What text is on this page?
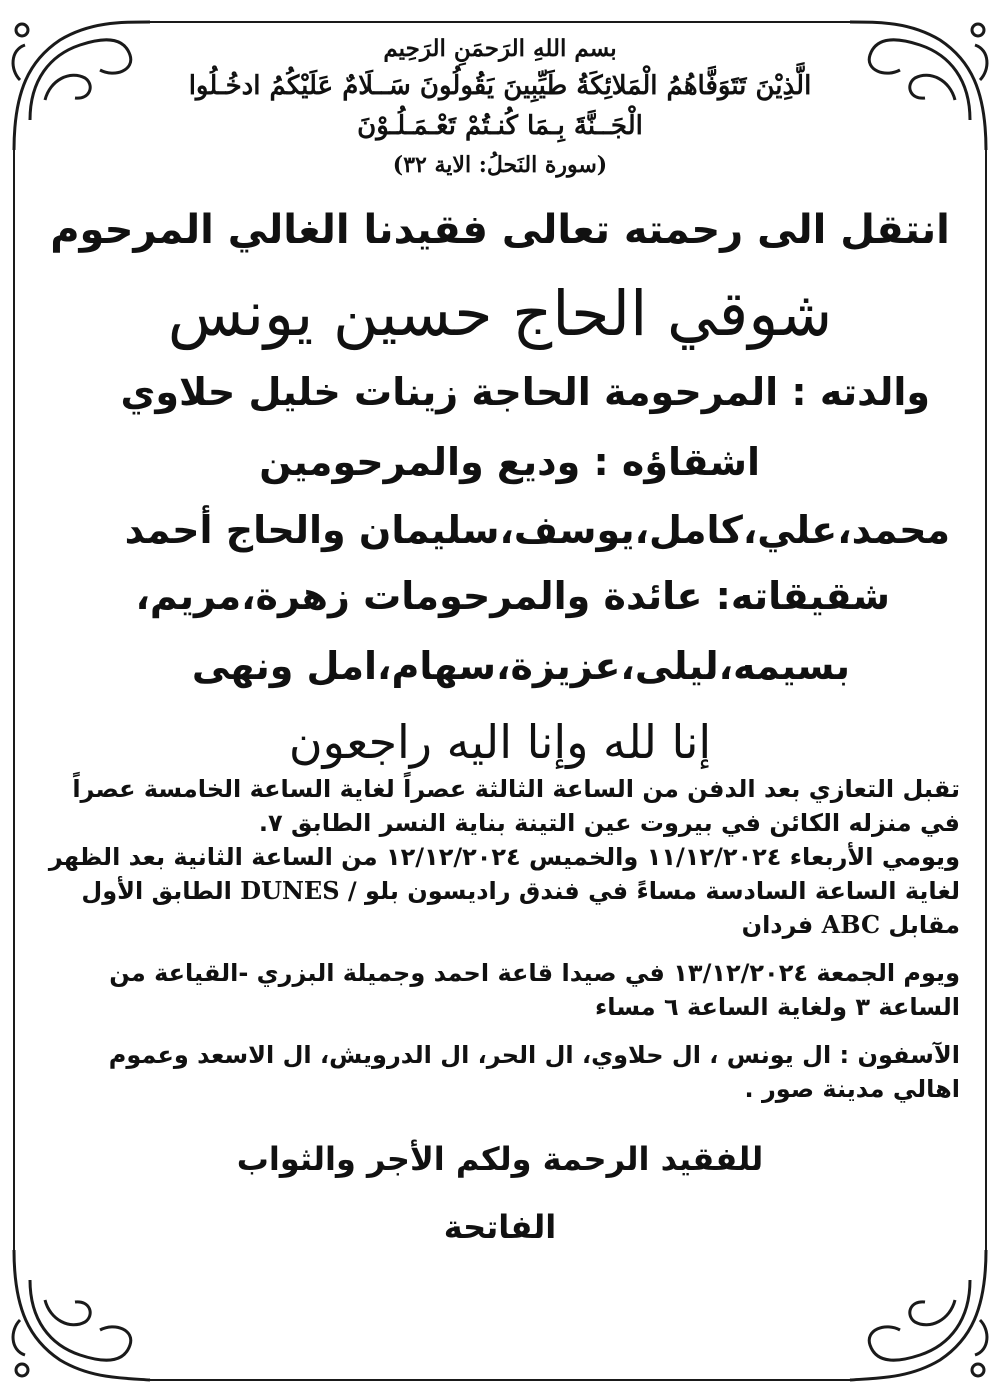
بسم اللهِ الرَحمَنِ الرَحِيم
الَّذِيْنَ تَتَوَفَّاهُمُ الْمَلائِكَةُ طَيِّبِينَ يَقُولُونَ سَــلَامٌ عَلَيْكُمُ ادخُـلُوا
الْجَــنَّةَ بِـمَا كُنـتُمْ تَعْـمَـلُـوْنَ
(سورة النَحلُ: الاية ٣٢)
انتقل الى رحمته تعالى فقيدنا الغالي المرحوم
شوقي الحاج حسين يونس
والدته : المرحومة الحاجة زينات خليل حلاوي
اشقاؤه : وديع والمرحومين
محمد،علي،كامل،يوسف،سليمان والحاج أحمد
شقيقاته: عائدة والمرحومات زهرة،مريم،
بسيمه،ليلى،عزيزة،سهام،امل ونهى
إنا لله وإنا اليه راجعون

تقبل التعازي بعد الدفن من الساعة الثالثة عصراً لغاية الساعة الخامسة عصراً في منزله الكائن في بيروت عين التينة بناية النسر الطابق ٧.

ويومي الأربعاء ١١/١٢/٢٠٢٤ والخميس ١٢/١٢/٢٠٢٤ من الساعة الثانية بعد الظهر لغاية الساعة السادسة مساءً في فندق راديسون بلو / DUNES الطابق الأول مقابل ABC فردان

ويوم الجمعة ١٣/١٢/٢٠٢٤ في صيدا قاعة احمد وجميلة البزري -القياعة من الساعة ٣ ولغاية الساعة ٦ مساء

الآسفون : ال يونس ، ال حلاوي، ال الحر، ال الدرويش، ال الاسعد وعموم اهالي مدينة صور .

للفقيد الرحمة ولكم الأجر والثواب
الفاتحة
